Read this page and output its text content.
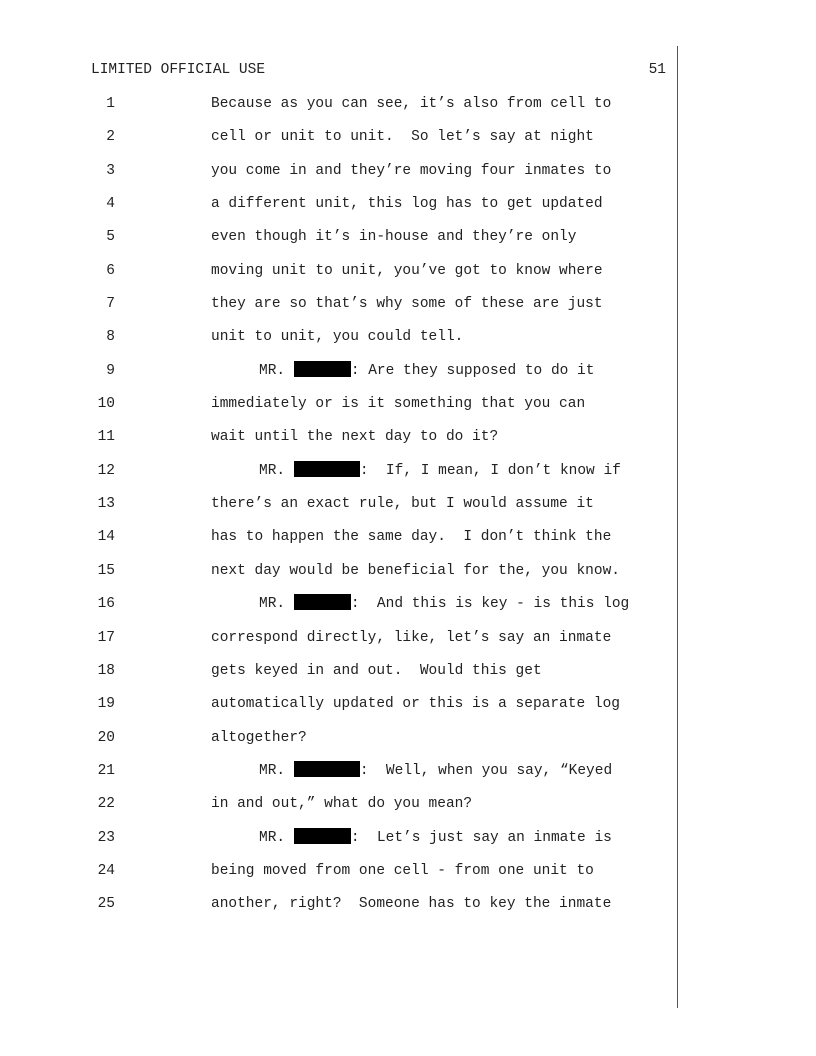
LIMITED OFFICIAL USE	51
1	Because as you can see, it’s also from cell to
2	cell or unit to unit.  So let’s say at night
3	you come in and they’re moving four inmates to
4	a different unit, this log has to get updated
5	even though it’s in-house and they’re only
6	moving unit to unit, you’ve got to know where
7	they are so that’s why some of these are just
8	unit to unit, you could tell.
9	MR.	: Are they supposed to do it
10	immediately or is it something that you can
11	wait until the next day to do it?
12	MR.	:  If, I mean, I don’t know if
13	there’s an exact rule, but I would assume it
14	has to happen the same day.  I don’t think the
15	next day would be beneficial for the, you know.
16	MR.	:  And this is key - is this log
17	correspond directly, like, let’s say an inmate
18	gets keyed in and out.  Would this get
19	automatically updated or this is a separate log
20	altogether?
21	MR.	:  Well, when you say, “Keyed
22	in and out,” what do you mean?
23	MR.	:  Let’s just say an inmate is
24	being moved from one cell - from one unit to
25	another, right?  Someone has to key the inmate
